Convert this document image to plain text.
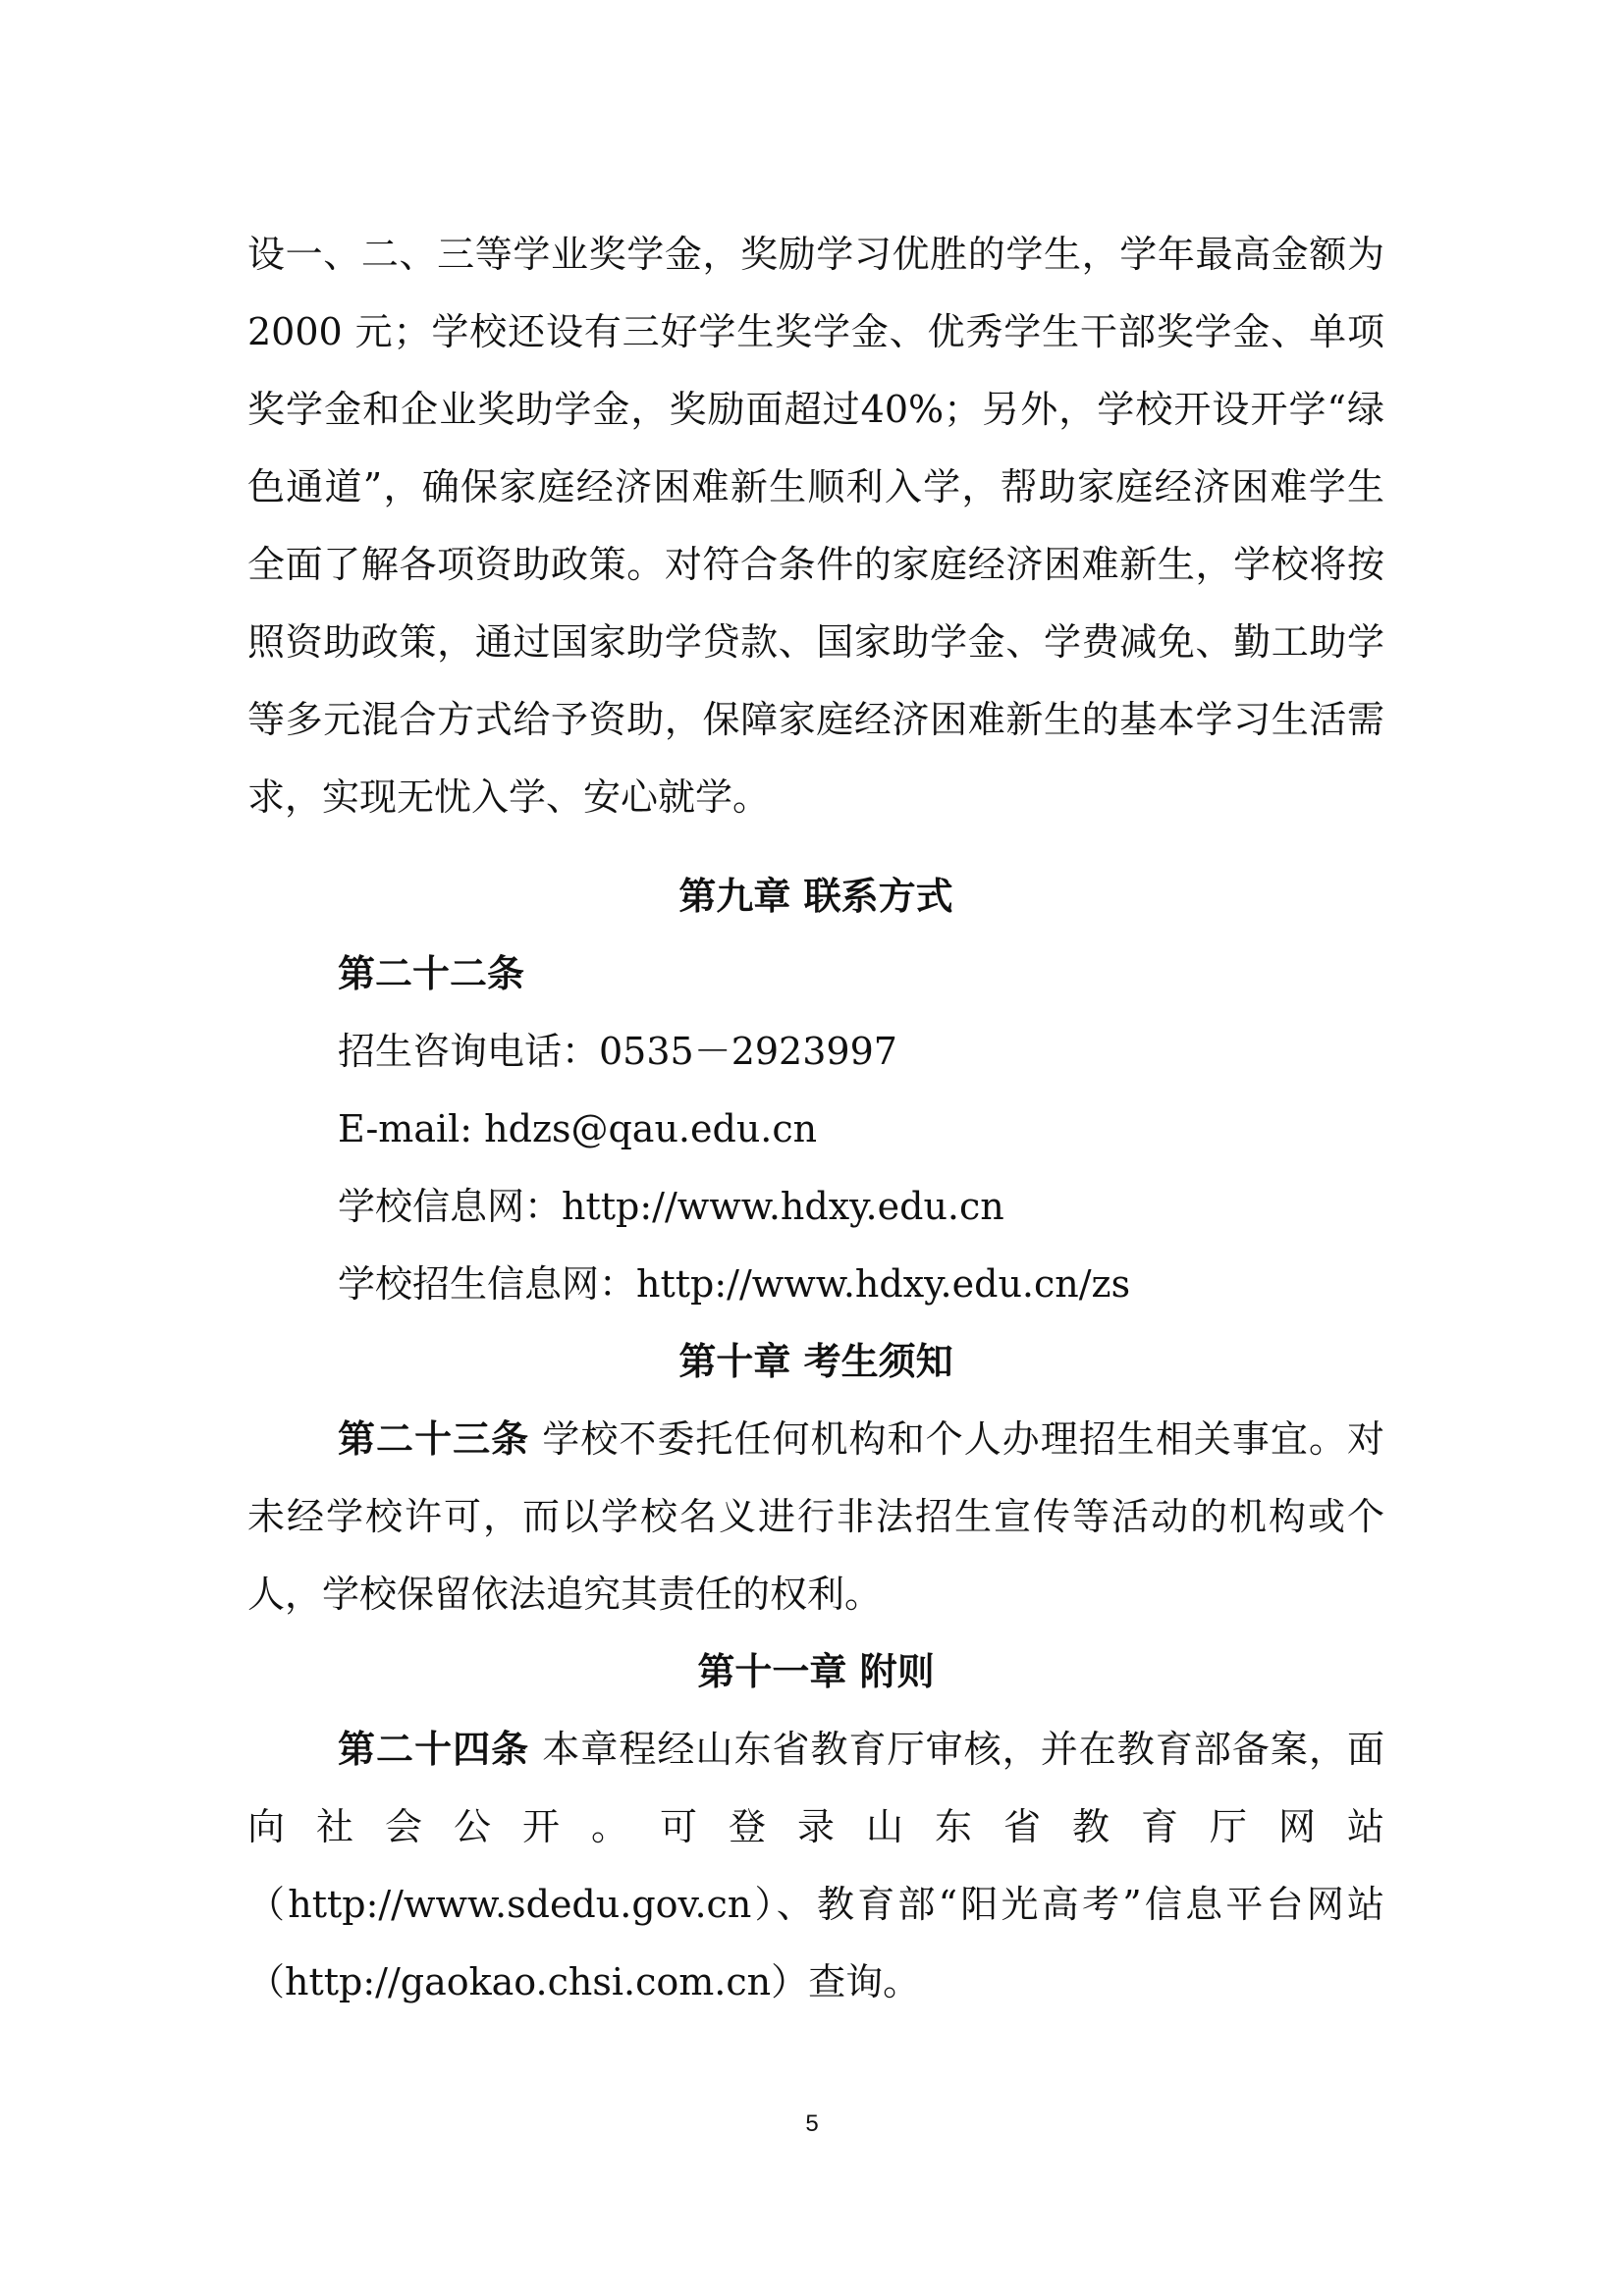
设一、二、三等学业奖学金，奖励学习优胜的学生，学年最高金额为 2000 元；学校还设有三好学生奖学金、优秀学生干部奖学金、单项奖学金和企业奖助学金，奖励面超过40%；另外，学校开设开学“绿色通道”，确保家庭经济困难新生顺利入学，帮助家庭经济困难学生全面了解各项资助政策。对符合条件的家庭经济困难新生，学校将按照资助政策，通过国家助学贷款、国家助学金、学费减免、勤工助学等多元混合方式给予资助，保障家庭经济困难新生的基本学习生活需求，实现无忧入学、安心就学。

第九章 联系方式

第二十二条

招生咨询电话：0535－2923997

E-mail: hdzs@qau.edu.cn

学校信息网：http://www.hdxy.edu.cn

学校招生信息网：http://www.hdxy.edu.cn/zs

第十章 考生须知

第二十三条 学校不委托任何机构和个人办理招生相关事宜。对未经学校许可，而以学校名义进行非法招生宣传等活动的机构或个人，学校保留依法追究其责任的权利。

第十一章 附则

第二十四条 本章程经山东省教育厅审核，并在教育部备案，面向社会公开。可登录山东省教育厅网站（http://www.sdedu.gov.cn）、教育部“阳光高考”信息平台网站（http://gaokao.chsi.com.cn）查询。

5
